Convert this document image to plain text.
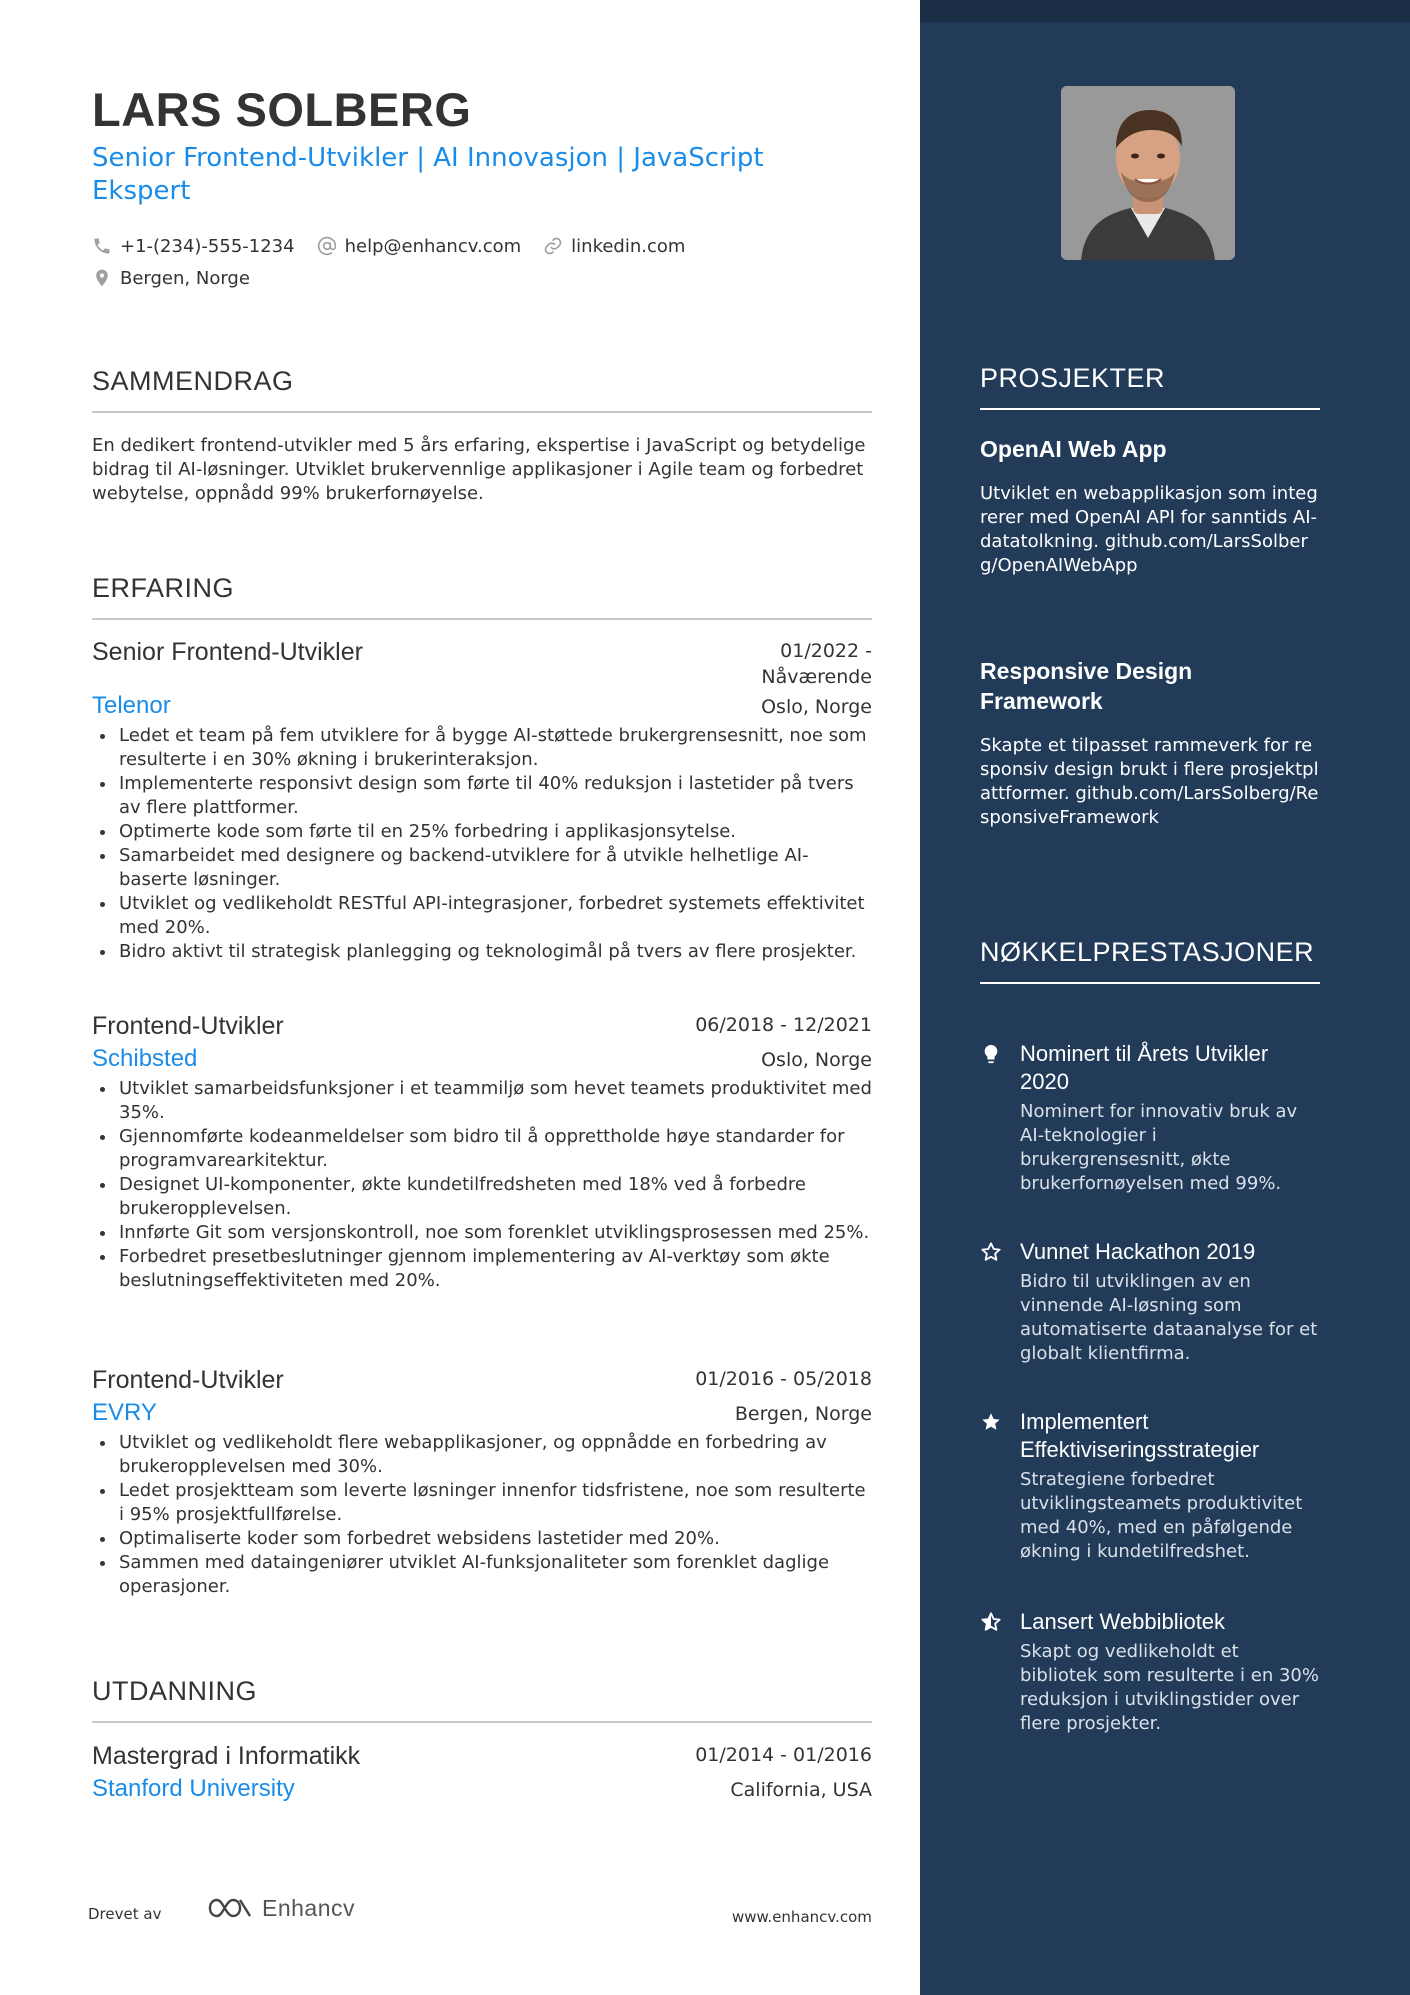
LARS SOLBERG
Senior Frontend-Utvikler | AI Innovasjon | JavaScript Ekspert
+1-(234)-555-1234	help@enhancv.com	linkedin.com
Bergen, Norge
SAMMENDRAG
En dedikert frontend-utvikler med 5 års erfaring, ekspertise i JavaScript og betydelige bidrag til AI-løsninger. Utviklet brukervennlige applikasjoner i Agile team og forbedret webytelse, oppnådd 99% brukerfornøyelse.
ERFARING
Senior Frontend-Utvikler	01/2022 - Nåværende
Telenor	Oslo, Norge
Ledet et team på fem utviklere for å bygge AI-støttede brukergrensesnitt, noe som resulterte i en 30% økning i brukerinteraksjon.
Implementerte responsivt design som førte til 40% reduksjon i lastetider på tvers av flere plattformer.
Optimerte kode som førte til en 25% forbedring i applikasjonsytelse.
Samarbeidet med designere og backend-utviklere for å utvikle helhetlige AI-baserte løsninger.
Utviklet og vedlikeholdt RESTful API-integrasjoner, forbedret systemets effektivitet med 20%.
Bidro aktivt til strategisk planlegging og teknologimål på tvers av flere prosjekter.
Frontend-Utvikler	06/2018 - 12/2021
Schibsted	Oslo, Norge
Utviklet samarbeidsfunksjoner i et teammiljø som hevet teamets produktivitet med 35%.
Gjennomførte kodeanmeldelser som bidro til å opprettholde høye standarder for programvarearkitektur.
Designet UI-komponenter, økte kundetilfredsheten med 18% ved å forbedre brukeropplevelsen.
Innførte Git som versjonskontroll, noe som forenklet utviklingsprosessen med 25%.
Forbedret presetbeslutninger gjennom implementering av AI-verktøy som økte beslutningseffektiviteten med 20%.
Frontend-Utvikler	01/2016 - 05/2018
EVRY	Bergen, Norge
Utviklet og vedlikeholdt flere webapplikasjoner, og oppnådde en forbedring av brukeropplevelsen med 30%.
Ledet prosjektteam som leverte løsninger innenfor tidsfristene, noe som resulterte i 95% prosjektfullførelse.
Optimaliserte koder som forbedret websidens lastetider med 20%.
Sammen med dataingeniører utviklet AI-funksjonaliteter som forenklet daglige operasjoner.
UTDANNING
Mastergrad i Informatikk	01/2014 - 01/2016
Stanford University	California, USA
Drevet av	Enhancv	www.enhancv.com
PROSJEKTER
OpenAI Web App
Utviklet en webapplikasjon som integrerer med OpenAI API for sanntids AI-datatolkning. github.com/LarsSolberg/OpenAIWebApp
Responsive Design Framework
Skapte et tilpasset rammeverk for responsiv design brukt i flere prosjektplattformer. github.com/LarsSolberg/ResponsiveFramework
NØKKELPRESTASJONER
Nominert til Årets Utvikler 2020
Nominert for innovativ bruk av AI-teknologier i brukergrensesnitt, økte brukerfornøyelsen med 99%.
Vunnet Hackathon 2019
Bidro til utviklingen av en vinnende AI-løsning som automatiserte dataanalyse for et globalt klientfirma.
Implementert Effektiviseringsstrategier
Strategiene forbedret utviklingsteamets produktivitet med 40%, med en påfølgende økning i kundetilfredshet.
Lansert Webbibliotek
Skapt og vedlikeholdt et bibliotek som resulterte i en 30% reduksjon i utviklingstider over flere prosjekter.
